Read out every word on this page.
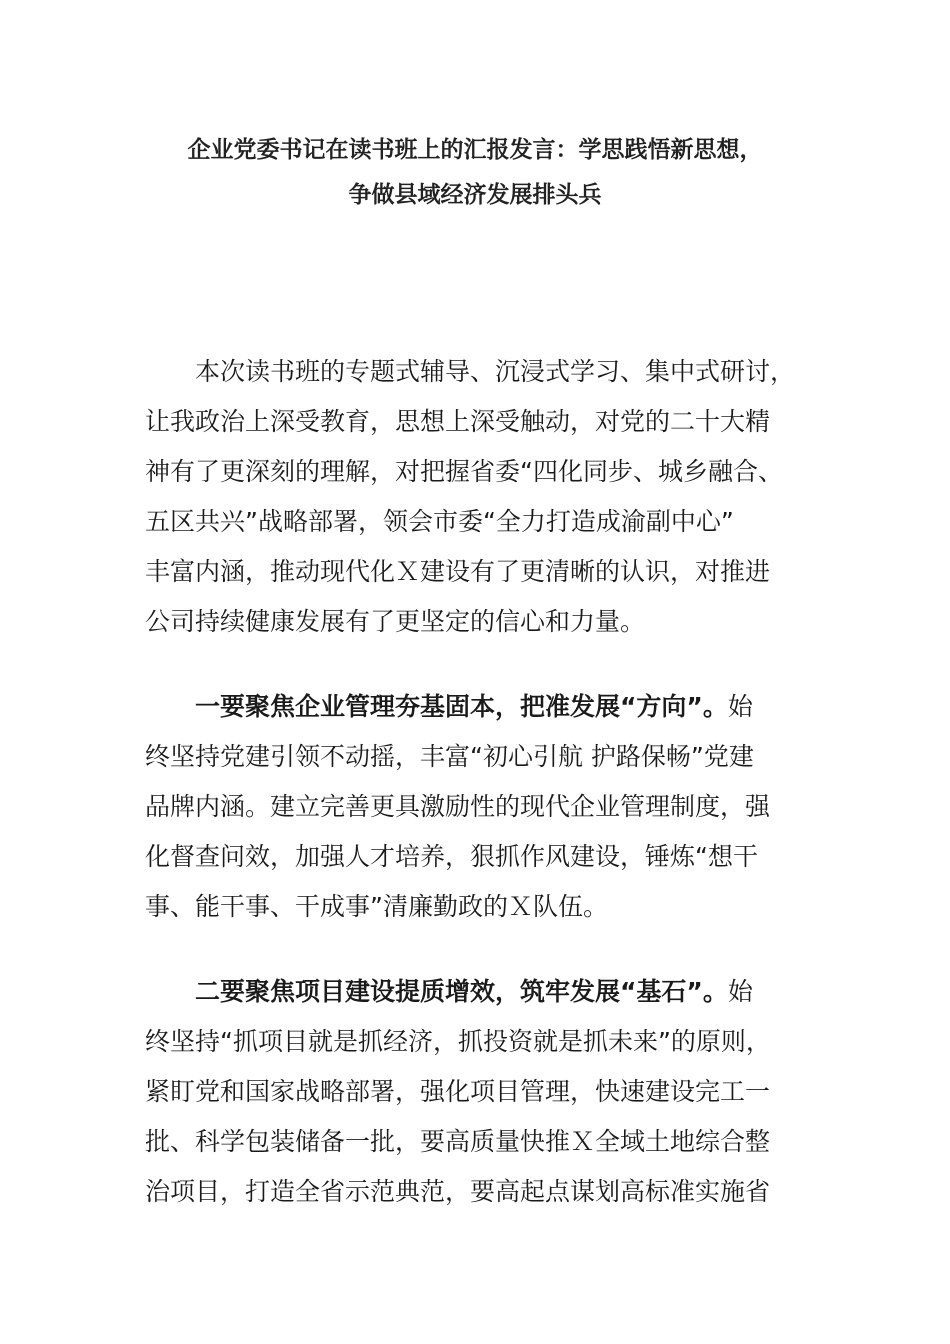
企业党委书记在读书班上的汇报发言：学思践悟新思想，
争做县域经济发展排头兵

本次读书班的专题式辅导、沉浸式学习、集中式研讨，
让我政治上深受教育，思想上深受触动，对党的二十大精
神有了更深刻的理解，对把握省委“四化同步、城乡融合、
五区共兴”战略部署，领会市委“全力打造成渝副中心”
丰富内涵，推动现代化Ｘ建设有了更清晰的认识，对推进
公司持续健康发展有了更坚定的信心和力量。

一要聚焦企业管理夯基固本，把准发展“方向”。始
终坚持党建引领不动摇，丰富“初心引航 护路保畅”党建
品牌内涵。建立完善更具激励性的现代企业管理制度，强
化督查问效，加强人才培养，狠抓作风建设，锤炼“想干
事、能干事、干成事”清廉勤政的Ｘ队伍。

二要聚焦项目建设提质增效，筑牢发展“基石”。始
终坚持“抓项目就是抓经济，抓投资就是抓未来”的原则，
紧盯党和国家战略部署，强化项目管理，快速建设完工一
批、科学包装储备一批，要高质量快推Ｘ全域土地综合整
治项目，打造全省示范典范，要高起点谋划高标准实施省
